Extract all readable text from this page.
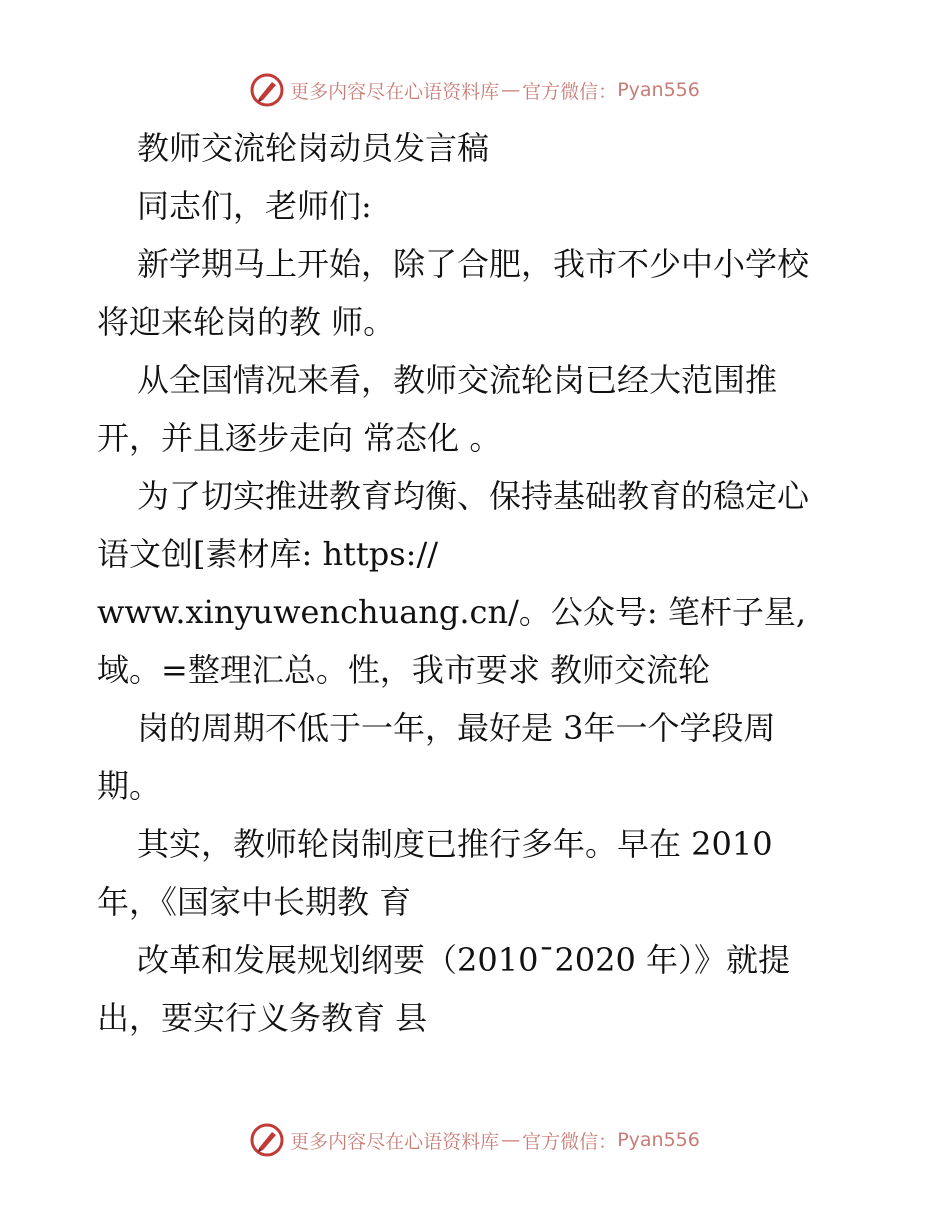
更多内容尽在心语资料库 — 官方微信： Pyan556
教师交流轮岗动员发言稿
同志们，老师们:
新学期马上开始，除了合肥，我市不少中小学校
将迎来轮岗的教 师。
从全国情况来看，教师交流轮岗已经大范围推
开，并且逐步走向 常态化 。
为了切实推进教育均衡、保持基础教育的稳定心
语文创[素材库: https://
www.xinyuwenchuang.cn/。公众号: 笔杆子星,
域。=整理汇总。性，我市要求 教师交流轮
岗的周期不低于一年，最好是 3年一个学段周
期。
其实，教师轮岗制度已推行多年。早在 2010
年，《国家中长期教 育
改革和发展规划纲要（2010¯2020 年）》就提
出，要实行义务教育 县
更多内容尽在心语资料库 — 官方微信： Pyan556
